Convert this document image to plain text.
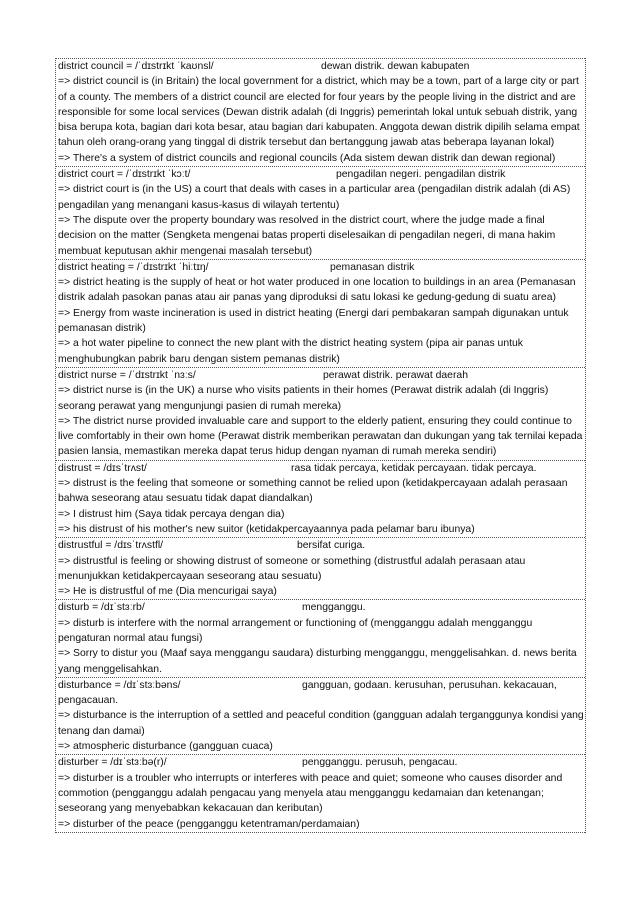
district council = /ˈdɪstrɪkt ˈkaʊnsl/	dewan distrik. dewan kabupaten
=> district council is (in Britain) the local government for a district, which may be a town, part of a large city or part of a county. The members of a district council are elected for four years by the people living in the district and are responsible for some local services (Dewan distrik adalah (di Inggris) pemerintah lokal untuk sebuah distrik, yang bisa berupa kota, bagian dari kota besar, atau bagian dari kabupaten. Anggota dewan distrik dipilih selama empat tahun oleh orang-orang yang tinggal di distrik tersebut dan bertanggung jawab atas beberapa layanan lokal)
=> There's a system of district councils and regional councils (Ada sistem dewan distrik dan dewan regional)
district court = /ˈdɪstrɪkt ˈkɔːt/	pengadilan negeri. pengadilan distrik
=> district court is (in the US) a court that deals with cases in a particular area (pengadilan distrik adalah (di AS) pengadilan yang menangani kasus-kasus di wilayah tertentu)
=> The dispute over the property boundary was resolved in the district court, where the judge made a final decision on the matter (Sengketa mengenai batas properti diselesaikan di pengadilan negeri, di mana hakim membuat keputusan akhir mengenai masalah tersebut)
district heating = /ˈdɪstrɪkt ˈhiːtɪŋ/	pemanasan distrik
=> district heating is the supply of heat or hot water produced in one location to buildings in an area (Pemanasan distrik adalah pasokan panas atau air panas yang diproduksi di satu lokasi ke gedung-gedung di suatu area)
=> Energy from waste incineration is used in district heating (Energi dari pembakaran sampah digunakan untuk pemanasan distrik)
=> a hot water pipeline to connect the new plant with the district heating system (pipa air panas untuk menghubungkan pabrik baru dengan sistem pemanas distrik)
district nurse = /ˈdɪstrɪkt ˈnɜːs/	perawat distrik. perawat daerah
=> district nurse is (in the UK) a nurse who visits patients in their homes (Perawat distrik adalah (di Inggris) seorang perawat yang mengunjungi pasien di rumah mereka)
=> The district nurse provided invaluable care and support to the elderly patient, ensuring they could continue to live comfortably in their own home (Perawat distrik memberikan perawatan dan dukungan yang tak ternilai kepada pasien lansia, memastikan mereka dapat terus hidup dengan nyaman di rumah mereka sendiri)
distrust = /dɪsˈtrʌst/	rasa tidak percaya, ketidak percayaan. tidak percaya.
=> distrust is the feeling that someone or something cannot be relied upon (ketidakpercayaan adalah perasaan bahwa seseorang atau sesuatu tidak dapat diandalkan)
=> I distrust him (Saya tidak percaya dengan dia)
=> his distrust of his mother's new suitor (ketidakpercayaannya pada pelamar baru ibunya)
distrustful = /dɪsˈtrʌstfl/	bersifat curiga.
=> distrustful is feeling or showing distrust of someone or something (distrustful adalah perasaan atau menunjukkan ketidakpercayaan seseorang atau sesuatu)
=> He is distrustful of me (Dia mencurigai saya)
disturb = /dɪˈstɜːrb/	mengganggu.
=> disturb is interfere with the normal arrangement or functioning of (mengganggu adalah mengganggu pengaturan normal atau fungsi)
=> Sorry to distur you (Maaf saya menggangu saudara) disturbing mengganggu, menggelisahkan. d. news berita yang menggelisahkan.
disturbance = /dɪˈstɜːbəns/	gangguan, godaan. kerusuhan, perusuhan. kekacauan, pengacauan.
=> disturbance is the interruption of a settled and peaceful condition (gangguan adalah terganggunya kondisi yang tenang dan damai)
=> atmospheric disturbance (gangguan cuaca)
disturber = /dɪˈstɜːbə(r)/	pengganggu. perusuh, pengacau.
=> disturber is a troubler who interrupts or interferes with peace and quiet; someone who causes disorder and commotion (pengganggu adalah pengacau yang menyela atau mengganggu kedamaian dan ketenangan; seseorang yang menyebabkan kekacauan dan keributan)
=> disturber of the peace (pengganggu ketentraman/perdamaian)
